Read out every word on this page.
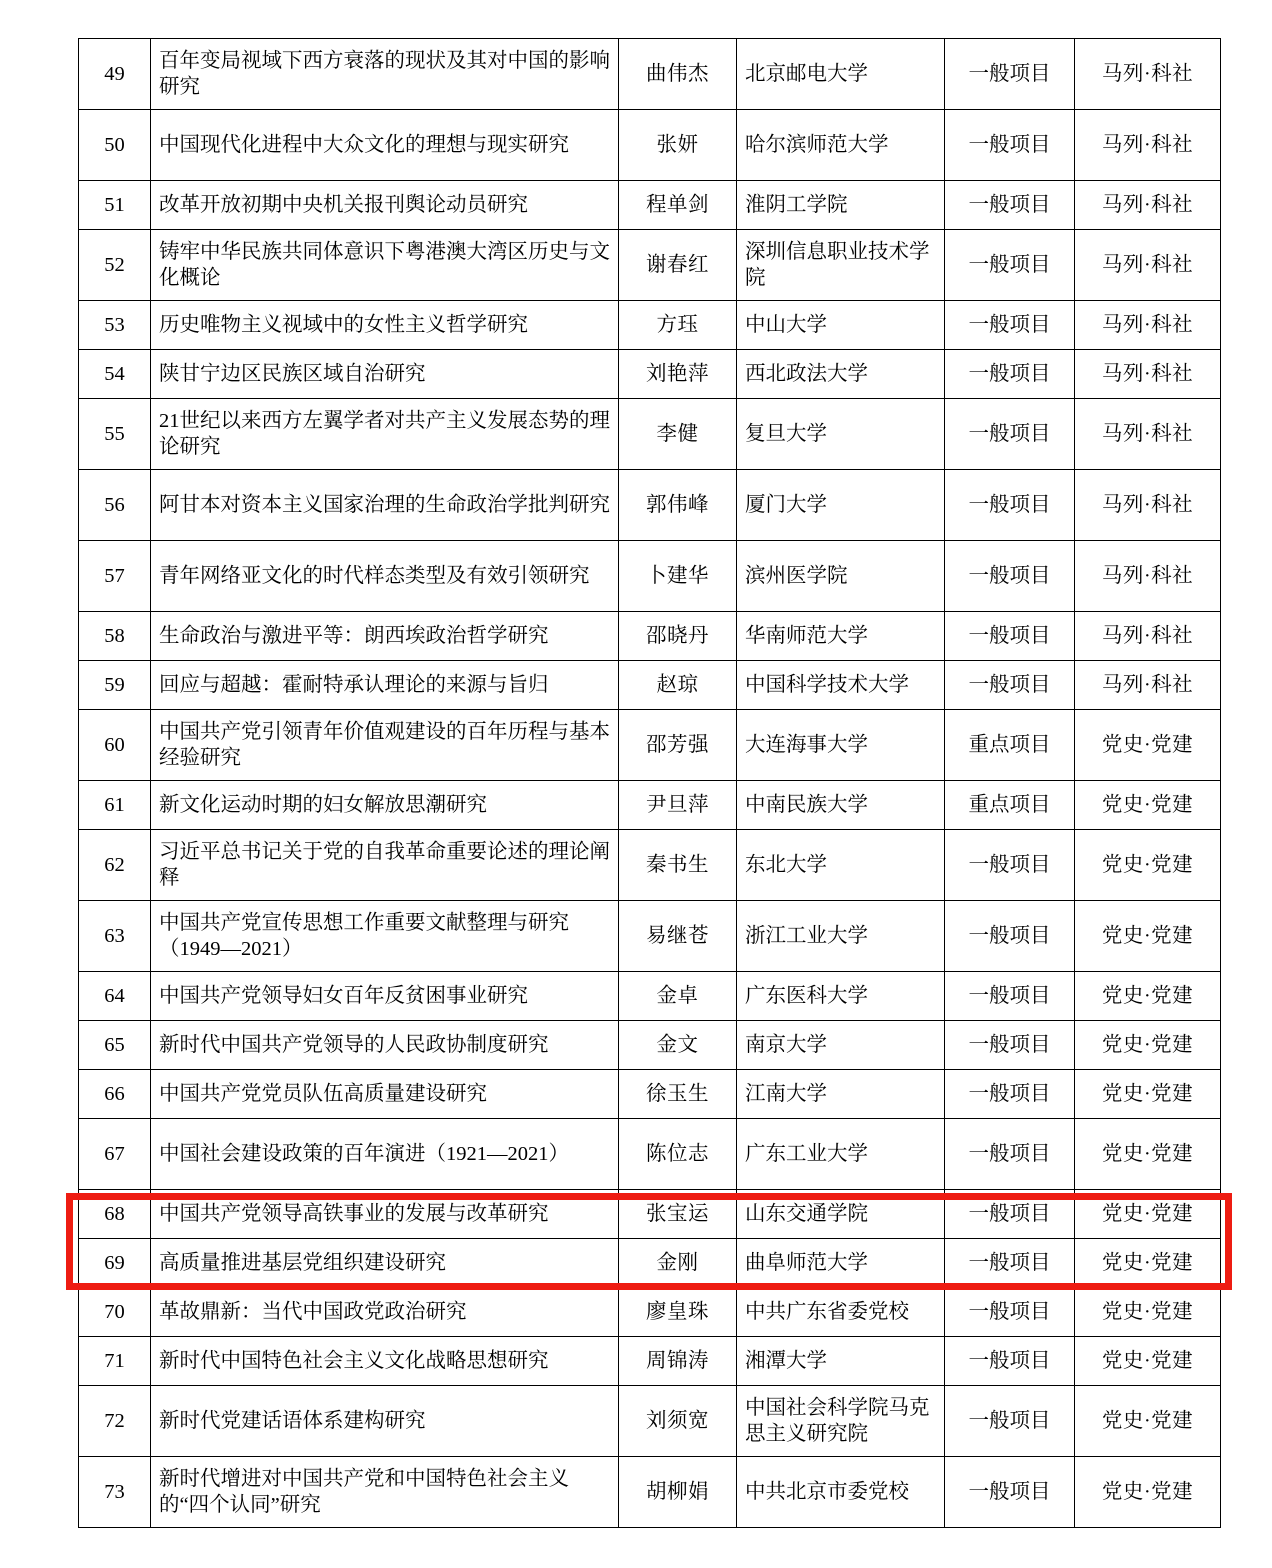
49	百年变局视域下西方衰落的现状及其对中国的影响研究	曲伟杰	北京邮电大学	一般项目	马列·科社
50	中国现代化进程中大众文化的理想与现实研究	张妍	哈尔滨师范大学	一般项目	马列·科社
51	改革开放初期中央机关报刊舆论动员研究	程单剑	淮阴工学院	一般项目	马列·科社
52	铸牢中华民族共同体意识下粤港澳大湾区历史与文化概论	谢春红	深圳信息职业技术学院	一般项目	马列·科社
53	历史唯物主义视域中的女性主义哲学研究	方珏	中山大学	一般项目	马列·科社
54	陕甘宁边区民族区域自治研究	刘艳萍	西北政法大学	一般项目	马列·科社
55	21世纪以来西方左翼学者对共产主义发展态势的理论研究	李健	复旦大学	一般项目	马列·科社
56	阿甘本对资本主义国家治理的生命政治学批判研究	郭伟峰	厦门大学	一般项目	马列·科社
57	青年网络亚文化的时代样态类型及有效引领研究	卜建华	滨州医学院	一般项目	马列·科社
58	生命政治与激进平等：朗西埃政治哲学研究	邵晓丹	华南师范大学	一般项目	马列·科社
59	回应与超越：霍耐特承认理论的来源与旨归	赵琼	中国科学技术大学	一般项目	马列·科社
60	中国共产党引领青年价值观建设的百年历程与基本经验研究	邵芳强	大连海事大学	重点项目	党史·党建
61	新文化运动时期的妇女解放思潮研究	尹旦萍	中南民族大学	重点项目	党史·党建
62	习近平总书记关于党的自我革命重要论述的理论阐释	秦书生	东北大学	一般项目	党史·党建
63	中国共产党宣传思想工作重要文献整理与研究（1949—2021）	易继苍	浙江工业大学	一般项目	党史·党建
64	中国共产党领导妇女百年反贫困事业研究	金卓	广东医科大学	一般项目	党史·党建
65	新时代中国共产党领导的人民政协制度研究	金文	南京大学	一般项目	党史·党建
66	中国共产党党员队伍高质量建设研究	徐玉生	江南大学	一般项目	党史·党建
67	中国社会建设政策的百年演进（1921—2021）	陈位志	广东工业大学	一般项目	党史·党建
68	中国共产党领导高铁事业的发展与改革研究	张宝运	山东交通学院	一般项目	党史·党建
69	高质量推进基层党组织建设研究	金刚	曲阜师范大学	一般项目	党史·党建
70	革故鼎新：当代中国政党政治研究	廖皇珠	中共广东省委党校	一般项目	党史·党建
71	新时代中国特色社会主义文化战略思想研究	周锦涛	湘潭大学	一般项目	党史·党建
72	新时代党建话语体系建构研究	刘须宽	中国社会科学院马克思主义研究院	一般项目	党史·党建
73	新时代增进对中国共产党和中国特色社会主义的“四个认同”研究	胡柳娟	中共北京市委党校	一般项目	党史·党建
